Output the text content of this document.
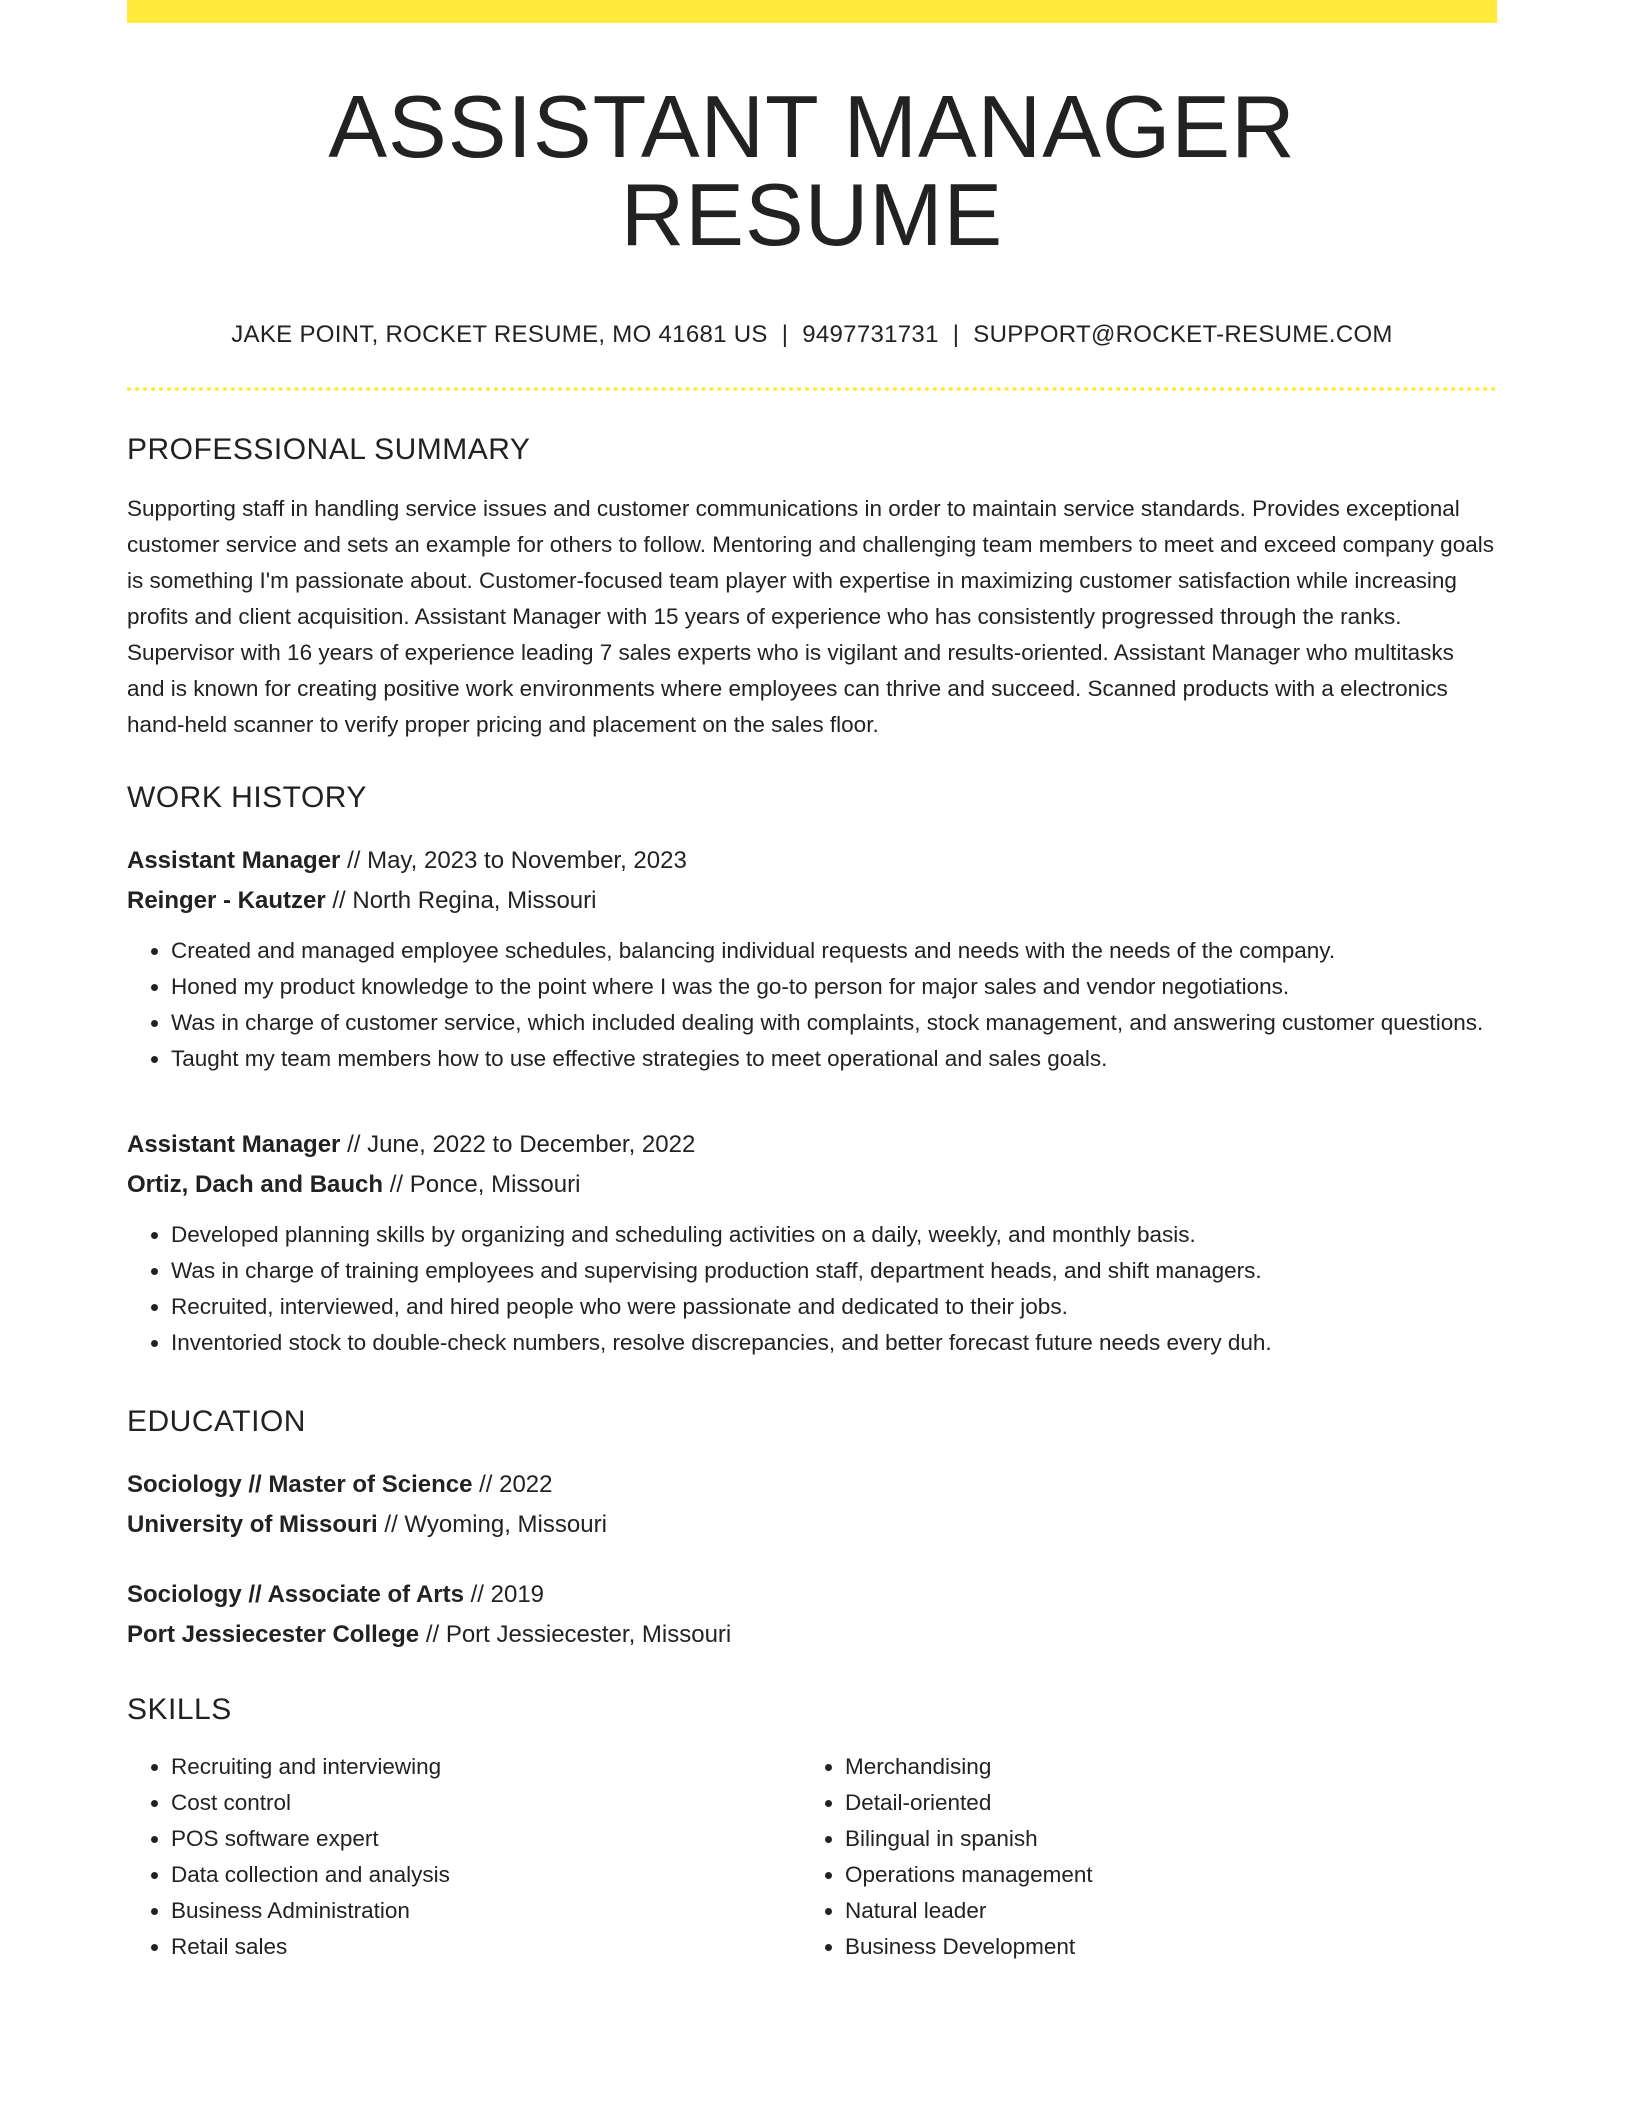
ASSISTANT MANAGER RESUME
JAKE POINT, ROCKET RESUME, MO 41681 US | 9497731731 | SUPPORT@ROCKET-RESUME.COM
PROFESSIONAL SUMMARY
Supporting staff in handling service issues and customer communications in order to maintain service standards. Provides exceptional customer service and sets an example for others to follow. Mentoring and challenging team members to meet and exceed company goals is something I'm passionate about. Customer-focused team player with expertise in maximizing customer satisfaction while increasing profits and client acquisition. Assistant Manager with 15 years of experience who has consistently progressed through the ranks. Supervisor with 16 years of experience leading 7 sales experts who is vigilant and results-oriented. Assistant Manager who multitasks and is known for creating positive work environments where employees can thrive and succeed. Scanned products with a electronics hand-held scanner to verify proper pricing and placement on the sales floor.
WORK HISTORY
Assistant Manager // May, 2023 to November, 2023
Reinger - Kautzer // North Regina, Missouri
• Created and managed employee schedules, balancing individual requests and needs with the needs of the company.
• Honed my product knowledge to the point where I was the go-to person for major sales and vendor negotiations.
• Was in charge of customer service, which included dealing with complaints, stock management, and answering customer questions.
• Taught my team members how to use effective strategies to meet operational and sales goals.
Assistant Manager // June, 2022 to December, 2022
Ortiz, Dach and Bauch // Ponce, Missouri
• Developed planning skills by organizing and scheduling activities on a daily, weekly, and monthly basis.
• Was in charge of training employees and supervising production staff, department heads, and shift managers.
• Recruited, interviewed, and hired people who were passionate and dedicated to their jobs.
• Inventoried stock to double-check numbers, resolve discrepancies, and better forecast future needs every duh.
EDUCATION
Sociology // Master of Science // 2022
University of Missouri // Wyoming, Missouri
Sociology // Associate of Arts // 2019
Port Jessiecester College // Port Jessiecester, Missouri
SKILLS
• Recruiting and interviewing
• Cost control
• POS software expert
• Data collection and analysis
• Business Administration
• Retail sales
• Merchandising
• Detail-oriented
• Bilingual in spanish
• Operations management
• Natural leader
• Business Development
